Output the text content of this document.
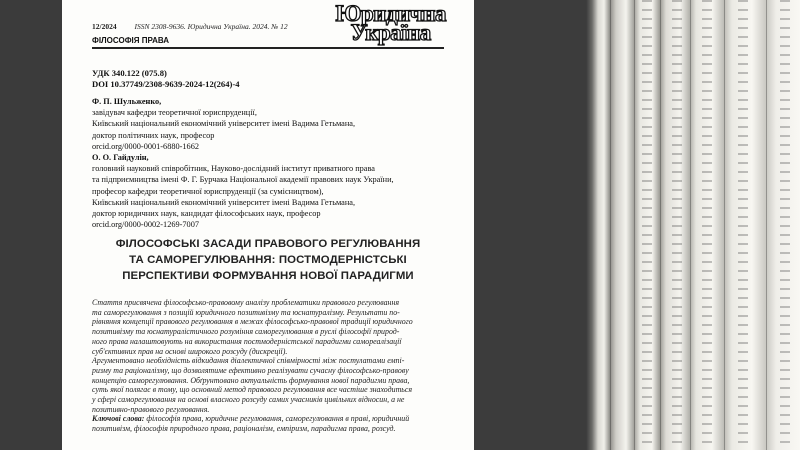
12/2024 ISSN 2308-9636. Юридична Україна. 2024. № 12
Юридична
Україна
ФІЛОСОФІЯ ПРАВА
УДК 340.122 (075.8)
DOI 10.37749/2308-9639-2024-12(264)-4
Ф. П. Шульженко,
завідувач кафедри теоретичної юриспруденції,
Київський національний економічний університет імені Вадима Гетьмана,
доктор політичних наук, професор
orcid.org/0000-0001-6880-1662
О. О. Гайдулін,
головний науковий співробітник, Науково-дослідний інститут приватного права
та підприємництва імені Ф. Г. Бурчака Національної академії правових наук України,
професор кафедри теоретичної юриспруденції (за сумісництвом),
Київський національний економічний університет імені Вадима Гетьмана,
доктор юридичних наук, кандидат філософських наук, професор
orcid.org/0000-0002-1269-7007
ФІЛОСОФСЬКІ ЗАСАДИ ПРАВОВОГО РЕГУЛЮВАННЯ
ТА САМОРЕГУЛЮВАННЯ: ПОСТМОДЕРНІСТСЬКІ
ПЕРСПЕКТИВИ ФОРМУВАННЯ НОВОЇ ПАРАДИГМИ
Стаття присвячена філософсько-правовому аналізу проблематики правового регулювання
та саморегулювання з позицій юридичного позитивізму та юснатуралізму. Результати по-
рівняння концепції правового регулювання в межах філософсько-правової традиції юридичного
позитивізму та юснатуралістичного розуміння саморегулювання в руслі філософії природ-
ного права налаштовують на використання постмодерністської парадигми самореалізації
суб'єктивних прав на основі широкого розсуду (дискреції).
Аргументовано необхідність відкидання діалектичної співмірності між постулатами емпі-
ризму та раціоналізму, що дозволятиме ефективно реалізувати сучасну філософсько-правову
концепцію саморегулювання. Обґрунтовано актуальність формування нової парадигми права,
суть якої полягає в тому, що основний метод правового регулювання все частіше знаходиться
у сфері саморегулювання на основі власного розсуду самих учасників цивільних відносин, а не
позитивно-правового регулювання.
Ключові слова: філософія права, юридичне регулювання, саморегулювання в праві, юридичний
позитивізм, філософія природного права, раціоналізм, емпіризм, парадигма права, розсуд.
